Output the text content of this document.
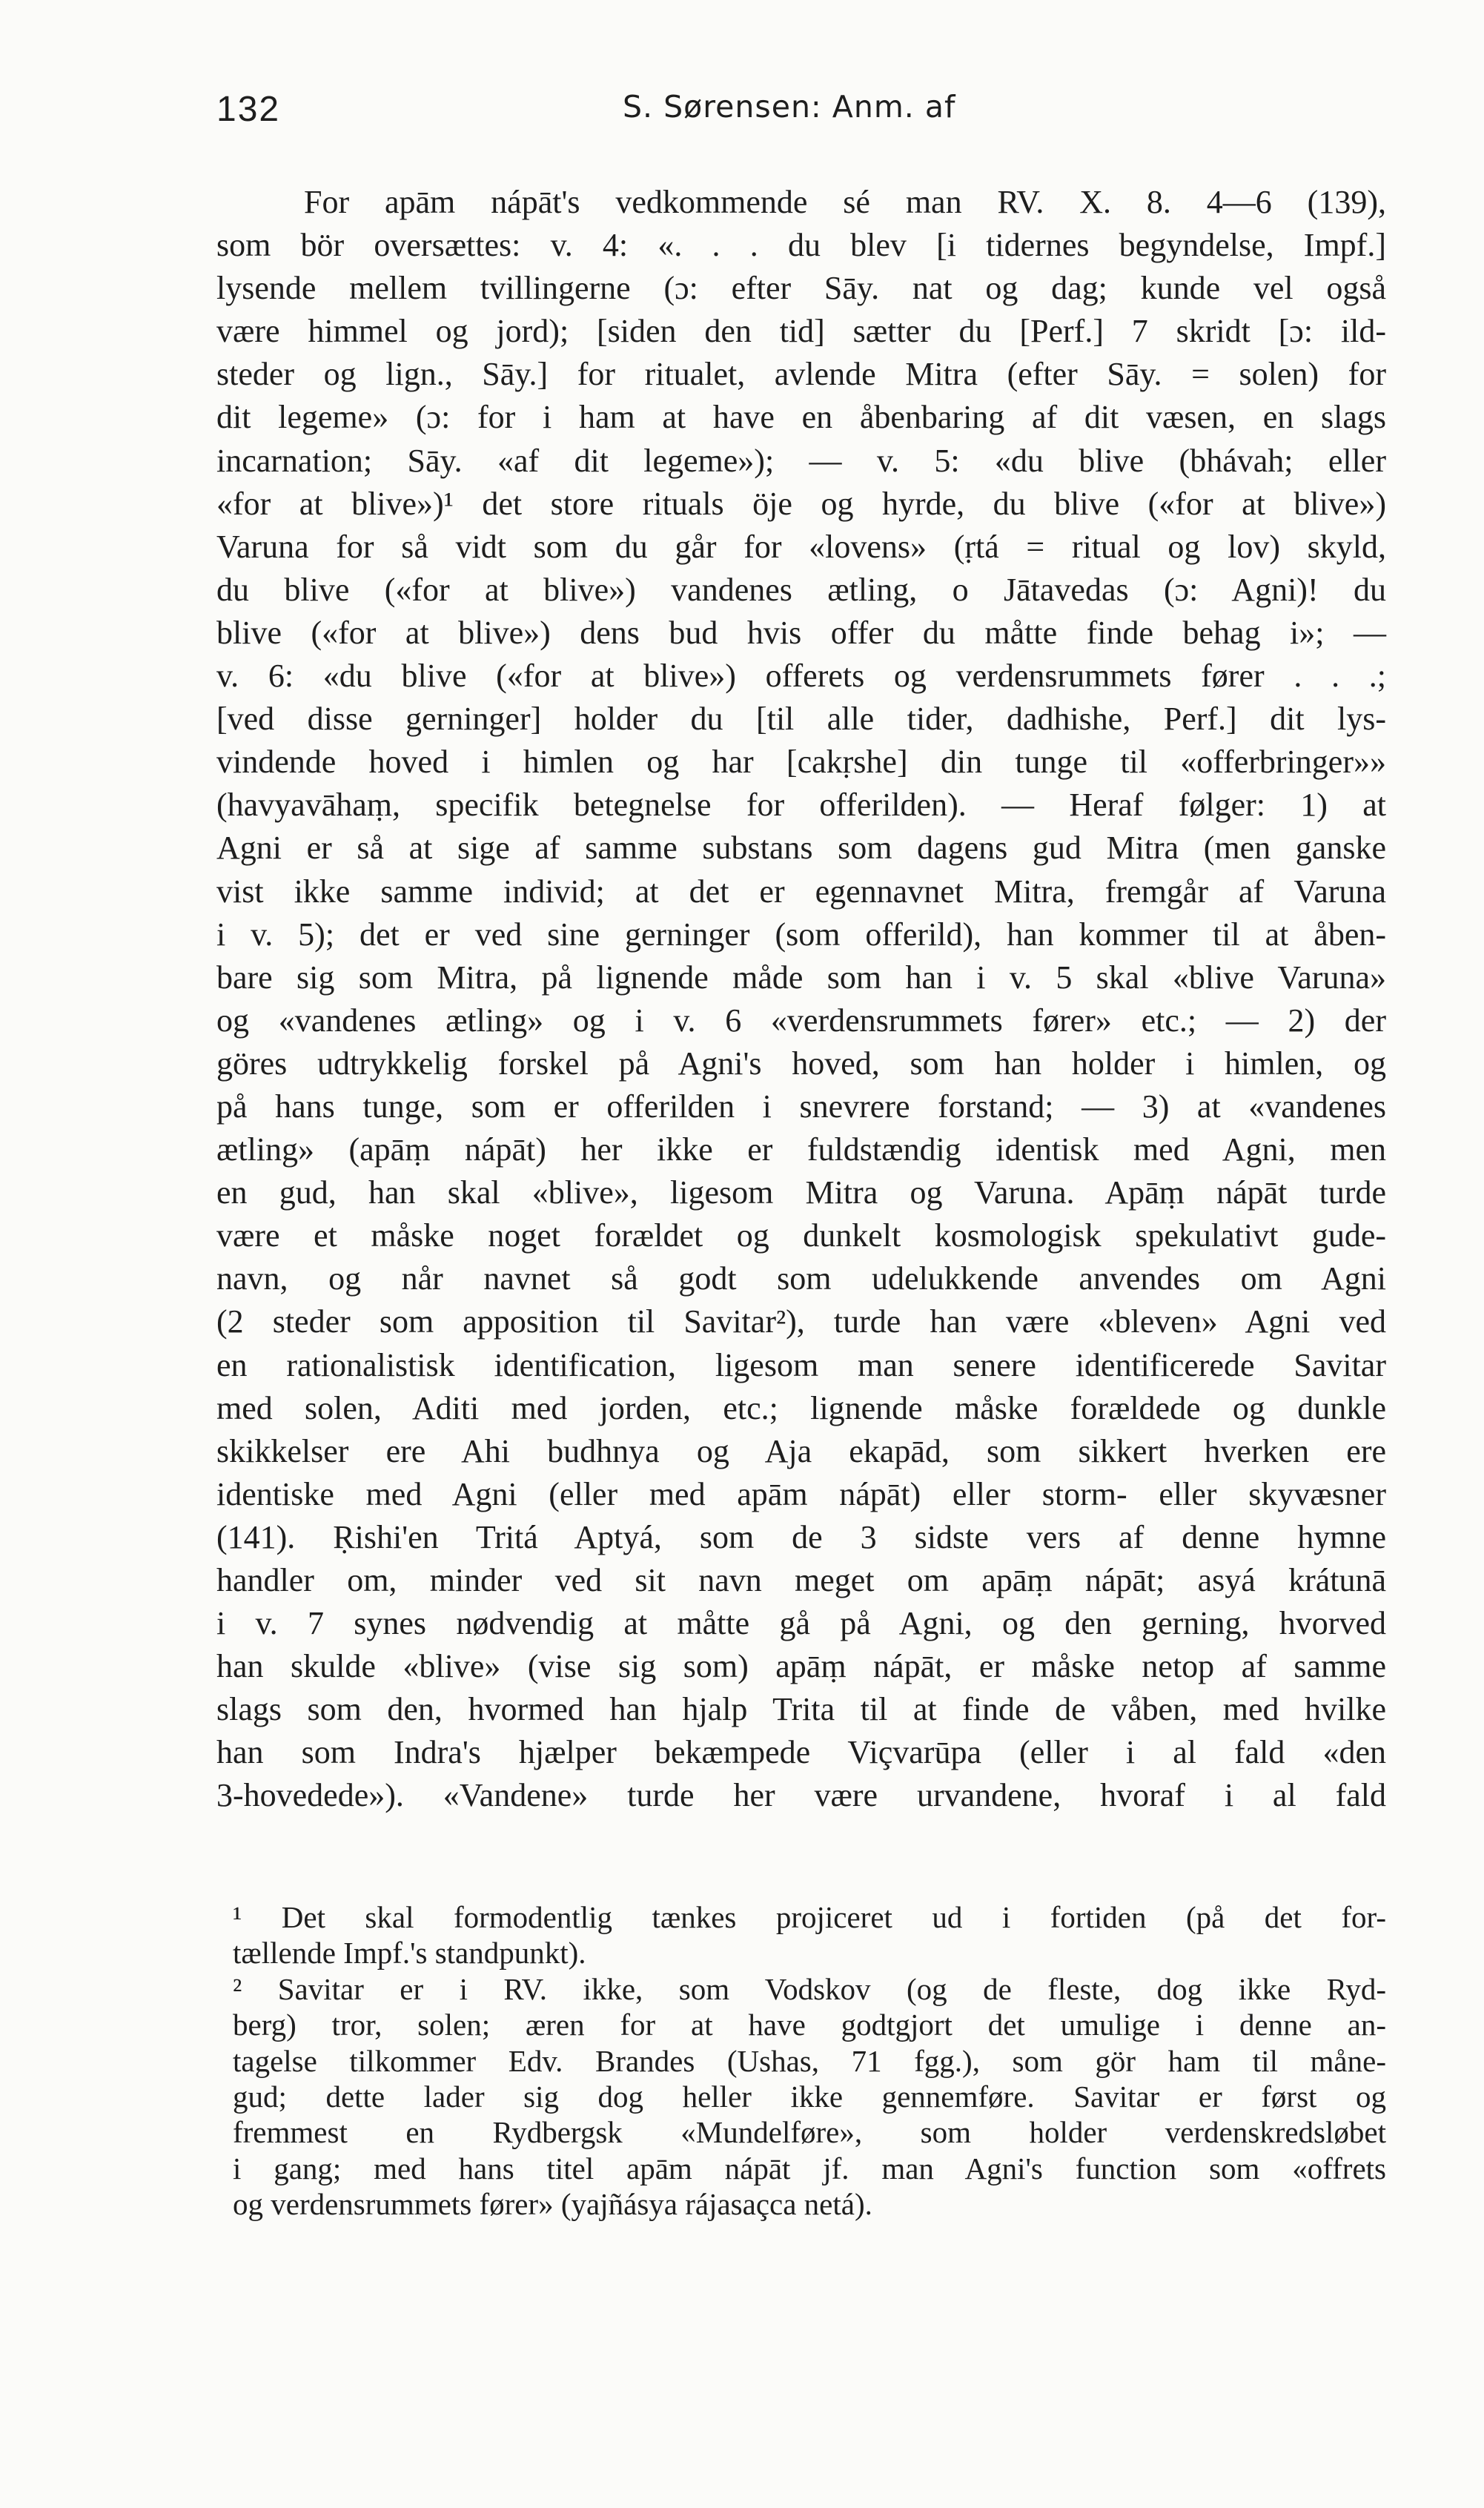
132	S. Sørensen: Anm. af
For apām nápāt's vedkommende sé man RV. X. 8. 4—6 (139),
som bör oversættes: v. 4: «. . . du blev [i tidernes begyndelse, Impf.]
lysende mellem tvillingerne (ɔ: efter Sāy. nat og dag; kunde vel også
være himmel og jord); [siden den tid] sætter du [Perf.] 7 skridt [ɔ: ild-
steder og lign., Sāy.] for ritualet, avlende Mitra (efter Sāy. = solen) for
dit legeme» (ɔ: for i ham at have en åbenbaring af dit væsen, en slags
incarnation; Sāy. «af dit legeme»); — v. 5: «du blive (bhávah; eller
«for at blive»)¹ det store rituals öje og hyrde, du blive («for at blive»)
Varuna for så vidt som du går for «lovens» (ṛtá = ritual og lov) skyld,
du blive («for at blive») vandenes ætling, o Jātavedas (ɔ: Agni)! du
blive («for at blive») dens bud hvis offer du måtte finde behag i»; —
v. 6: «du blive («for at blive») offerets og verdensrummets fører . . .;
[ved disse gerninger] holder du [til alle tider, dadhishe, Perf.] dit lys-
vindende hoved i himlen og har [cakṛshe] din tunge til «offerbringer»»
(havyavāhaṃ, specifik betegnelse for offerilden). — Heraf følger: 1) at
Agni er så at sige af samme substans som dagens gud Mitra (men ganske
vist ikke samme individ; at det er egennavnet Mitra, fremgår af Varuna
i v. 5); det er ved sine gerninger (som offerild), han kommer til at åben-
bare sig som Mitra, på lignende måde som han i v. 5 skal «blive Varuna»
og «vandenes ætling» og i v. 6 «verdensrummets fører» etc.; — 2) der
göres udtrykkelig forskel på Agni's hoved, som han holder i himlen, og
på hans tunge, som er offerilden i snevrere forstand; — 3) at «vandenes
ætling» (apāṃ nápāt) her ikke er fuldstændig identisk med Agni, men
en gud, han skal «blive», ligesom Mitra og Varuna. Apāṃ nápāt turde
være et måske noget forældet og dunkelt kosmologisk spekulativt gude-
navn, og når navnet så godt som udelukkende anvendes om Agni
(2 steder som apposition til Savitar²), turde han være «bleven» Agni ved
en rationalistisk identification, ligesom man senere identificerede Savitar
med solen, Aditi med jorden, etc.; lignende måske forældede og dunkle
skikkelser ere Ahi budhnya og Aja ekapād, som sikkert hverken ere
identiske med Agni (eller med apām nápāt) eller storm- eller skyvæsner
(141). Ṛishi'en Tritá Aptyá, som de 3 sidste vers af denne hymne
handler om, minder ved sit navn meget om apāṃ nápāt; asyá krátunā
i v. 7 synes nødvendig at måtte gå på Agni, og den gerning, hvorved
han skulde «blive» (vise sig som) apāṃ nápāt, er måske netop af samme
slags som den, hvormed han hjalp Trita til at finde de våben, med hvilke
han som Indra's hjælper bekæmpede Viçvarūpa (eller i al fald «den
3-hovedede»). «Vandene» turde her være urvandene, hvoraf i al fald
¹ Det skal formodentlig tænkes projiceret ud i fortiden (på det for-
tællende Impf.'s standpunkt).
² Savitar er i RV. ikke, som Vodskov (og de fleste, dog ikke Ryd-
berg) tror, solen; æren for at have godtgjort det umulige i denne an-
tagelse tilkommer Edv. Brandes (Ushas, 71 fgg.), som gör ham til måne-
gud; dette lader sig dog heller ikke gennemføre. Savitar er først og
fremmest en Rydbergsk «Mundelføre», som holder verdenskredsløbet
i gang; med hans titel apām nápāt jf. man Agni's function som «offrets
og verdensrummets fører» (yajñásya rájasaçca netá).
